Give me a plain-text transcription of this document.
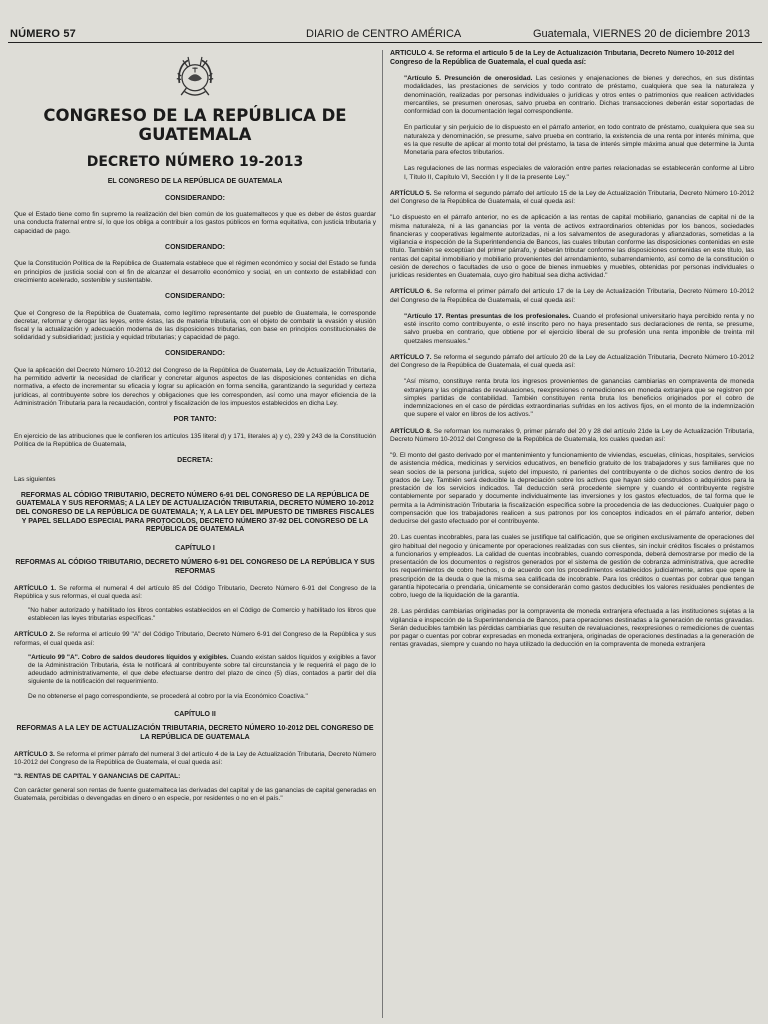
NÚMERO 57	DIARIO de CENTRO AMÉRICA	Guatemala, VIERNES 20 de diciembre 2013

CONGRESO DE LA REPÚBLICA DE GUATEMALA

DECRETO NÚMERO 19-2013

EL CONGRESO DE LA REPÚBLICA DE GUATEMALA

CONSIDERANDO:

Que el Estado tiene como fin supremo la realización del bien común de los guatemaltecos y que es deber de éstos guardar una conducta fraternal entre sí, lo que los obliga a contribuir a los gastos públicos en forma equitativa, con justicia tributaria y capacidad de pago.

CONSIDERANDO:

Que la Constitución Política de la República de Guatemala establece que el régimen económico y social del Estado se funda en principios de justicia social con el fin de alcanzar el desarrollo económico y social, en un contexto de estabilidad con crecimiento acelerado, sostenible y sustentable.

CONSIDERANDO:

Que el Congreso de la República de Guatemala, como legítimo representante del pueblo de Guatemala, le corresponde decretar, reformar y derogar las leyes, entre éstas, las de materia tributaria, con el objeto de combatir la evasión y elusión fiscal y la actualización y adecuación moderna de las disposiciones tributarias, con base en principios constitucionales de solidaridad y subsidiaridad; justicia y equidad tributarias; y capacidad de pago.

CONSIDERANDO:

Que la aplicación del Decreto Número 10-2012 del Congreso de la República de Guatemala, Ley de Actualización Tributaria, ha permitido advertir la necesidad de clarificar y concretar algunos aspectos de las disposiciones contenidas en dicha normativa, a efecto de incrementar su eficacia y lograr su aplicación en forma sencilla, garantizando la seguridad y certeza jurídicas, al contribuyente sobre los derechos y obligaciones que les corresponden, así como una mayor eficiencia de la Administración Tributaria para la recaudación, control y fiscalización de los impuestos establecidos en dicha Ley.

POR TANTO:

En ejercicio de las atribuciones que le confieren los artículos 135 literal d) y 171, literales a) y c), 239 y 243 de la Constitución Política de la República de Guatemala,

DECRETA:

Las siguientes

REFORMAS AL CÓDIGO TRIBUTARIO, DECRETO NÚMERO 6-91 DEL CONGRESO DE LA REPÚBLICA DE GUATEMALA Y SUS REFORMAS; A LA LEY DE ACTUALIZACIÓN TRIBUTARIA, DECRETO NÚMERO 10-2012 DEL CONGRESO DE LA REPÚBLICA DE GUATEMALA; Y, A LA LEY DEL IMPUESTO DE TIMBRES FISCALES Y PAPEL SELLADO ESPECIAL PARA PROTOCOLOS, DECRETO NÚMERO 37-92 DEL CONGRESO DE LA REPÚBLICA DE GUATEMALA

CAPÍTULO I

REFORMAS AL CÓDIGO TRIBUTARIO, DECRETO NÚMERO 6-91 DEL CONGRESO DE LA REPÚBLICA Y SUS REFORMAS

ARTÍCULO 1. Se reforma el numeral 4 del artículo 85 del Código Tributario, Decreto Número 6-91 del Congreso de la República y sus reformas, el cual queda así:

"No haber autorizado y habilitado los libros contables establecidos en el Código de Comercio y habilitado los libros que establecen las leyes tributarias específicas."

ARTÍCULO 2. Se reforma el artículo 99 "A" del Código Tributario, Decreto Número 6-91 del Congreso de la República y sus reformas, el cual queda así:

"Artículo 99 "A". Cobro de saldos deudores líquidos y exigibles. Cuando existan saldos líquidos y exigibles a favor de la Administración Tributaria, ésta le notificará al contribuyente sobre tal circunstancia y le requerirá el pago de lo adeudado administrativamente, el que debe efectuarse dentro del plazo de cinco (5) días, contados a partir del día siguiente de la notificación del requerimiento.

De no obtenerse el pago correspondiente, se procederá al cobro por la vía Económico Coactiva."

CAPÍTULO II

REFORMAS A LA LEY DE ACTUALIZACIÓN TRIBUTARIA, DECRETO NÚMERO 10-2012 DEL CONGRESO DE LA REPÚBLICA DE GUATEMALA

ARTÍCULO 3. Se reforma el primer párrafo del numeral 3 del artículo 4 de la Ley de Actualización Tributaria, Decreto Número 10-2012 del Congreso de la República de Guatemala, el cual queda así:

"3. RENTAS DE CAPITAL Y GANANCIAS DE CAPITAL:

Con carácter general son rentas de fuente guatemalteca las derivadas del capital y de las ganancias de capital generadas en Guatemala, percibidas o devengadas en dinero o en especie, por residentes o no en el país."

ARTÍCULO 4. Se reforma el artículo 5 de la Ley de Actualización Tributaria, Decreto Número 10-2012 del Congreso de la República de Guatemala, el cual queda así:

"Artículo 5. Presunción de onerosidad. Las cesiones y enajenaciones de bienes y derechos, en sus distintas modalidades, las prestaciones de servicios y todo contrato de préstamo, cualquiera que sea la naturaleza y denominación, realizadas por personas individuales o jurídicas y otros entes o patrimonios que realicen actividades mercantiles, se presumen onerosas, salvo prueba en contrario. Dichas transacciones deberán estar soportadas de conformidad con la documentación legal correspondiente.

En particular y sin perjuicio de lo dispuesto en el párrafo anterior, en todo contrato de préstamo, cualquiera que sea su naturaleza y denominación, se presume, salvo prueba en contrario, la existencia de una renta por interés mínima, que es la que resulte de aplicar al monto total del préstamo, la tasa de interés simple máxima anual que determine la Junta Monetaria para efectos tributarios.

Las regulaciones de las normas especiales de valoración entre partes relacionadas se establecerán conforme al Libro I, Título II, Capítulo VI, Sección I y II de la presente Ley."

ARTÍCULO 5. Se reforma el segundo párrafo del artículo 15 de la Ley de Actualización Tributaria, Decreto Número 10-2012 del Congreso de la República de Guatemala, el cual queda así:

"Lo dispuesto en el párrafo anterior, no es de aplicación a las rentas de capital mobiliario, ganancias de capital ni de la misma naturaleza, ni a las ganancias por la venta de activos extraordinarios obtenidas por los bancos, sociedades financieras y cooperativas legalmente autorizadas, ni a los salvamentos de aseguradoras y afianzadoras, sometidas a la vigilancia e inspección de la Superintendencia de Bancos, las cuales tributan conforme las disposiciones contenidas en este título. También se exceptúan del primer párrafo, y deberán tributar conforme las disposiciones contenidas en este título, las rentas del capital inmobiliario y mobiliario provenientes del arrendamiento, subarrendamiento, así como de la constitución o cesión de derechos o facultades de uso o goce de bienes inmuebles y muebles, obtenidas por personas individuales o jurídicas residentes en Guatemala, cuyo giro habitual sea dicha actividad."

ARTÍCULO 6. Se reforma el primer párrafo del artículo 17 de la Ley de Actualización Tributaria, Decreto Número 10-2012 del Congreso de la República de Guatemala, el cual queda así:

"Artículo 17. Rentas presuntas de los profesionales. Cuando el profesional universitario haya percibido renta y no esté inscrito como contribuyente, o esté inscrito pero no haya presentado sus declaraciones de renta, se presume, salvo prueba en contrario, que obtiene por el ejercicio liberal de su profesión una renta imponible de treinta mil quetzales mensuales."

ARTÍCULO 7. Se reforma el segundo párrafo del artículo 20 de la Ley de Actualización Tributaria, Decreto Número 10-2012 del Congreso de la República de Guatemala, el cual queda así:

"Así mismo, constituye renta bruta los ingresos provenientes de ganancias cambiarias en compraventa de moneda extranjera y las originadas de revaluaciones, reexpresiones o remediciones en moneda extranjera que se registren por simples partidas de contabilidad. También constituyen renta bruta los beneficios originados por el cobro de indemnizaciones en el caso de pérdidas extraordinarias sufridas en los activos fijos, en el monto de la indemnización que supere el valor en libros de los activos."

ARTÍCULO 8. Se reforman los numerales 9, primer párrafo del 20 y 28 del artículo 21de la Ley de Actualización Tributaria, Decreto Número 10-2012 del Congreso de la República de Guatemala, los cuales quedan así:

"9. El monto del gasto derivado por el mantenimiento y funcionamiento de viviendas, escuelas, clínicas, hospitales, servicios de asistencia médica, medicinas y servicios educativos, en beneficio gratuito de los trabajadores y sus familiares que no sean socios de la persona jurídica, sujeto del impuesto, ni parientes del contribuyente o de dichos socios dentro de los grados de Ley. También será deducible la depreciación sobre los activos que hayan sido construidos o adquiridos para la prestación de los servicios indicados. Tal deducción será procedente siempre y cuando el contribuyente registre contablemente por separado y documente individualmente las inversiones y los gastos efectuados, de tal forma que le permita a la Administración Tributaria la fiscalización específica sobre la procedencia de las deducciones. Cualquier pago o compensación que los trabajadores realicen a sus patronos por los conceptos indicados en el párrafo anterior, deben deducirse del gasto efectuado por el contribuyente.

20. Las cuentas incobrables, para las cuales se justifique tal calificación, que se originen exclusivamente de operaciones del giro habitual del negocio y únicamente por operaciones realizadas con sus clientes, sin incluir créditos fiscales o préstamos a funcionarios y empleados. La calidad de cuentas incobrables, cuando corresponda, deberá demostrarse por medio de la presentación de los documentos o registros generados por el sistema de gestión de cobranza administrativa, que acredite los requerimientos de cobro hechos, o de acuerdo con los procedimientos establecidos judicialmente, antes que opere la prescripción de la deuda o que la misma sea calificada de incobrable. Para los créditos o cuentas por cobrar que tengan garantía hipotecaria o prendaria, únicamente se considerarán como gastos deducibles los valores residuales pendientes de cobro, luego de la liquidación de la garantía.

28. Las pérdidas cambiarias originadas por la compraventa de moneda extranjera efectuada a las instituciones sujetas a la vigilancia e inspección de la Superintendencia de Bancos, para operaciones destinadas a la generación de rentas gravadas. Serán deducibles también las pérdidas cambiarias que resulten de revaluaciones, reexpresiones o remediciones de cuentas por pagar o cuentas por cobrar expresadas en moneda extranjera, originadas de operaciones destinadas a la generación de rentas gravadas, siempre y cuando no haya utilizado la deducción en la compraventa de moneda extranjera
